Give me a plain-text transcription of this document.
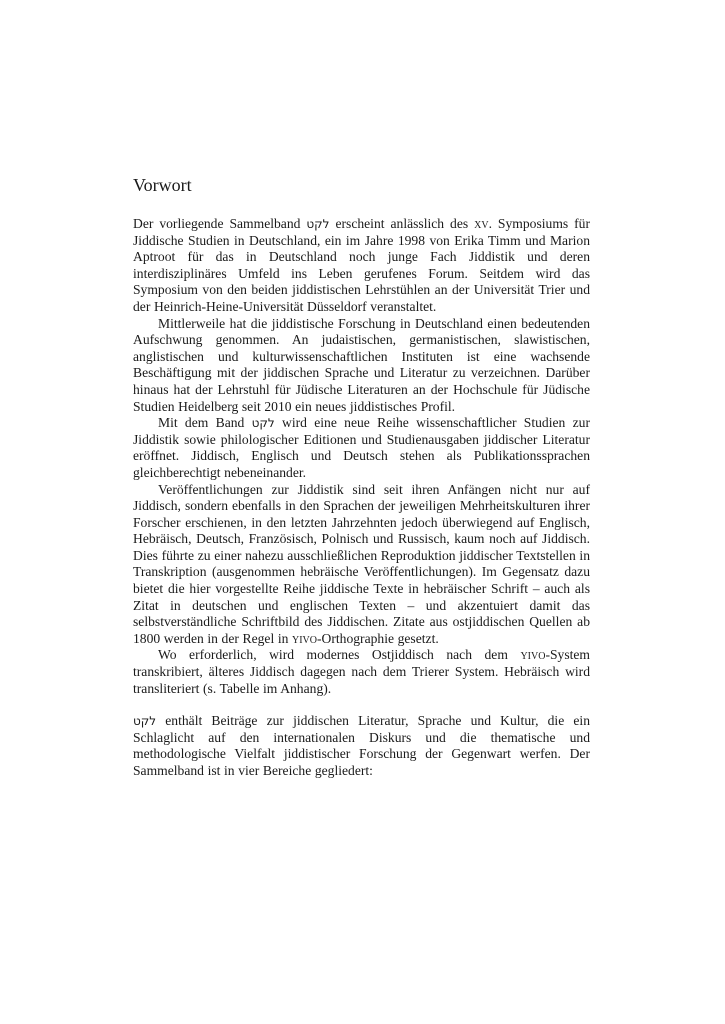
Vorwort

Der vorliegende Sammelband לקט erscheint anlässlich des xv. Symposiums für Jiddische Studien in Deutschland, ein im Jahre 1998 von Erika Timm und Marion Aptroot für das in Deutschland noch junge Fach Jiddistik und deren interdisziplinäres Umfeld ins Leben gerufenes Forum. Seitdem wird das Symposium von den beiden jiddistischen Lehrstühlen an der Universität Trier und der Heinrich-Heine-Universität Düsseldorf veranstaltet.

Mittlerweile hat die jiddistische Forschung in Deutschland einen bedeutenden Aufschwung genommen. An judaistischen, germanistischen, slawistischen, anglistischen und kulturwissenschaftlichen Instituten ist eine wachsende Beschäftigung mit der jiddischen Sprache und Literatur zu verzeichnen. Darüber hinaus hat der Lehrstuhl für Jüdische Literaturen an der Hochschule für Jüdische Studien Heidelberg seit 2010 ein neues jiddistisches Profil.

Mit dem Band לקט wird eine neue Reihe wissenschaftlicher Studien zur Jiddistik sowie philologischer Editionen und Studienausgaben jiddischer Literatur eröffnet. Jiddisch, Englisch und Deutsch stehen als Publikationssprachen gleichberechtigt nebeneinander.

Veröffentlichungen zur Jiddistik sind seit ihren Anfängen nicht nur auf Jiddisch, sondern ebenfalls in den Sprachen der jeweiligen Mehrheitskulturen ihrer Forscher erschienen, in den letzten Jahrzehnten jedoch überwiegend auf Englisch, Hebräisch, Deutsch, Französisch, Polnisch und Russisch, kaum noch auf Jiddisch. Dies führte zu einer nahezu ausschließlichen Reproduktion jiddischer Textstellen in Transkription (ausgenommen hebräische Veröffentlichungen). Im Gegensatz dazu bietet die hier vorgestellte Reihe jiddische Texte in hebräischer Schrift – auch als Zitat in deutschen und englischen Texten – und akzentuiert damit das selbstverständliche Schriftbild des Jiddischen. Zitate aus ostjiddischen Quellen ab 1800 werden in der Regel in yivo-Orthographie gesetzt.

Wo erforderlich, wird modernes Ostjiddisch nach dem yivo-System transkribiert, älteres Jiddisch dagegen nach dem Trierer System. Hebräisch wird transliteriert (s. Tabelle im Anhang).

לקט enthält Beiträge zur jiddischen Literatur, Sprache und Kultur, die ein Schlaglicht auf den internationalen Diskurs und die thematische und methodologische Vielfalt jiddistischer Forschung der Gegenwart werfen. Der Sammelband ist in vier Bereiche gegliedert:
